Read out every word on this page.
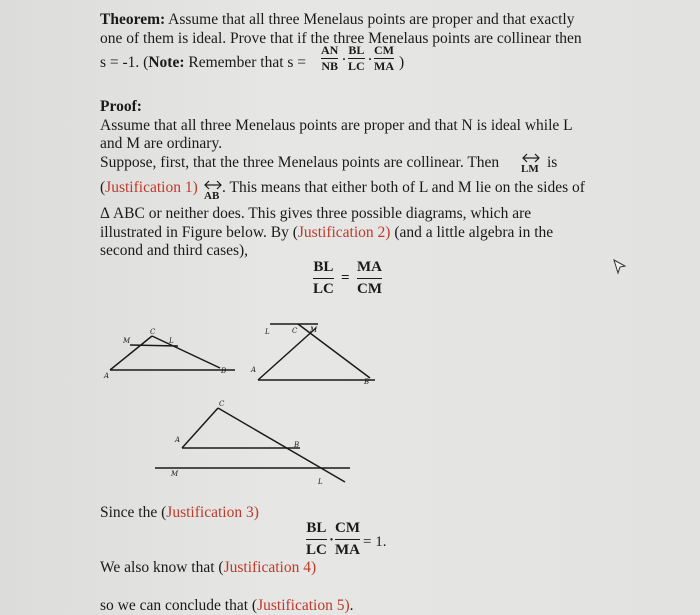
Theorem: Assume that all three Menelaus points are proper and that exactly
one of them is ideal. Prove that if the three Menelaus points are collinear then
s = -1. (Note: Remember that s =
AN
NB ·
BL
LC ·
CM
MA )
Proof:
Assume that all three Menelaus points are proper and that N is ideal while L
and M are ordinary.
Suppose, first, that the three Menelaus points are collinear. Then LM is
(Justification 1) AB . This means that either both of L and M lie on the sides of
Δ ABC or neither does. This gives three possible diagrams, which are
illustrated in Figure below. By (Justification 2) (and a little algebra in the
second and third cases),
BL
LC
=
MA
CM
A
B
C
M	L
A
B
C M
L
A
B
C
M
L
Since the (Justification 3)
BL
LC
·
CM
MA = 1.
We also know that (Justification 4)
so we can conclude that (Justification 5).
